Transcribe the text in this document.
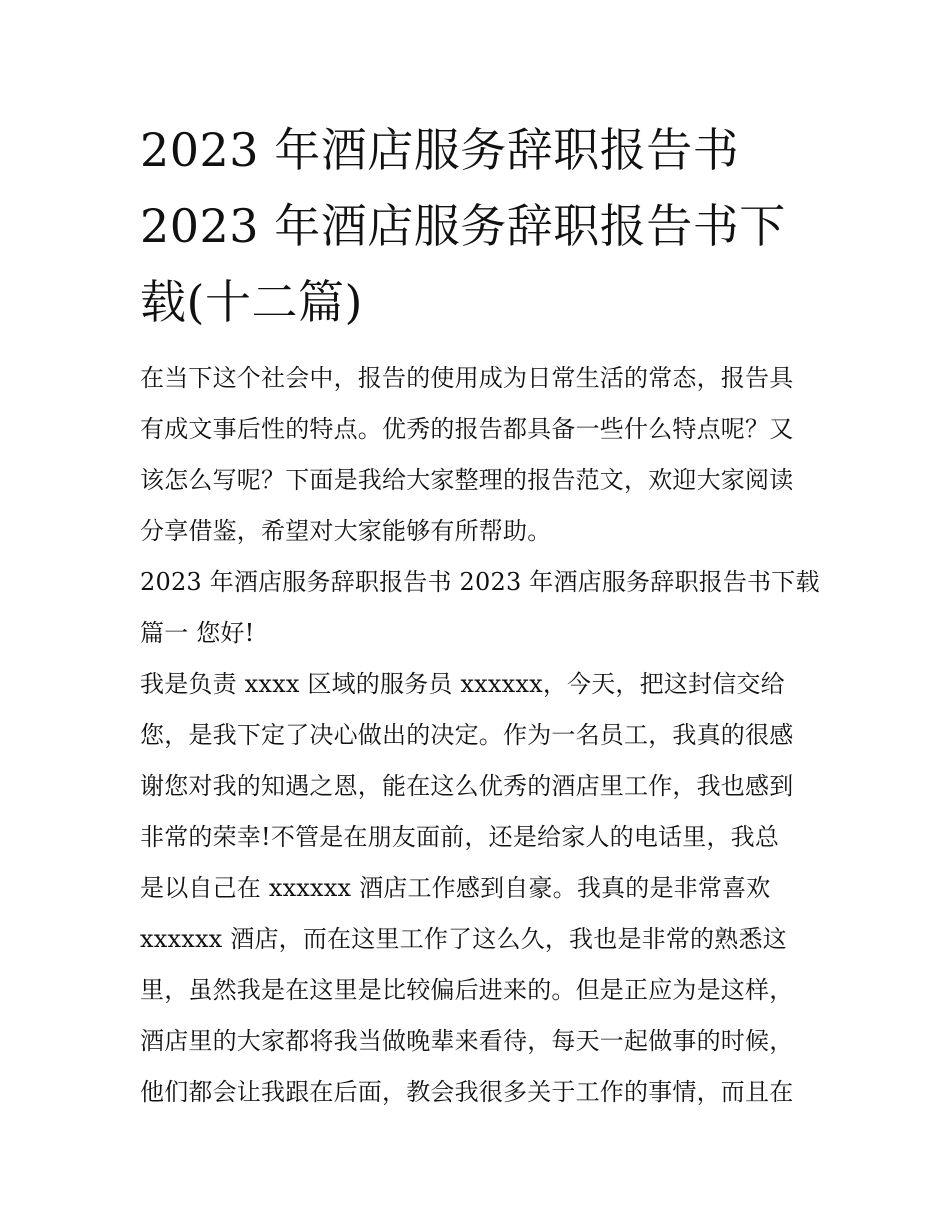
2023 年酒店服务辞职报告书
2023 年酒店服务辞职报告书下
载(十二篇)
在当下这个社会中，报告的使用成为日常生活的常态，报告具
有成文事后性的特点。优秀的报告都具备一些什么特点呢？又
该怎么写呢？下面是我给大家整理的报告范文，欢迎大家阅读
分享借鉴，希望对大家能够有所帮助。
2023 年酒店服务辞职报告书 2023 年酒店服务辞职报告书下载
篇一 您好!
我是负责 xxxx 区域的服务员 xxxxxx，今天，把这封信交给
您，是我下定了决心做出的决定。作为一名员工，我真的很感
谢您对我的知遇之恩，能在这么优秀的酒店里工作，我也感到
非常的荣幸!不管是在朋友面前，还是给家人的电话里，我总
是以自己在 xxxxxx 酒店工作感到自豪。我真的是非常喜欢
xxxxxx 酒店，而在这里工作了这么久，我也是非常的熟悉这
里，虽然我是在这里是比较偏后进来的。但是正应为是这样，
酒店里的大家都将我当做晚辈来看待，每天一起做事的时候，
他们都会让我跟在后面，教会我很多关于工作的事情，而且在
